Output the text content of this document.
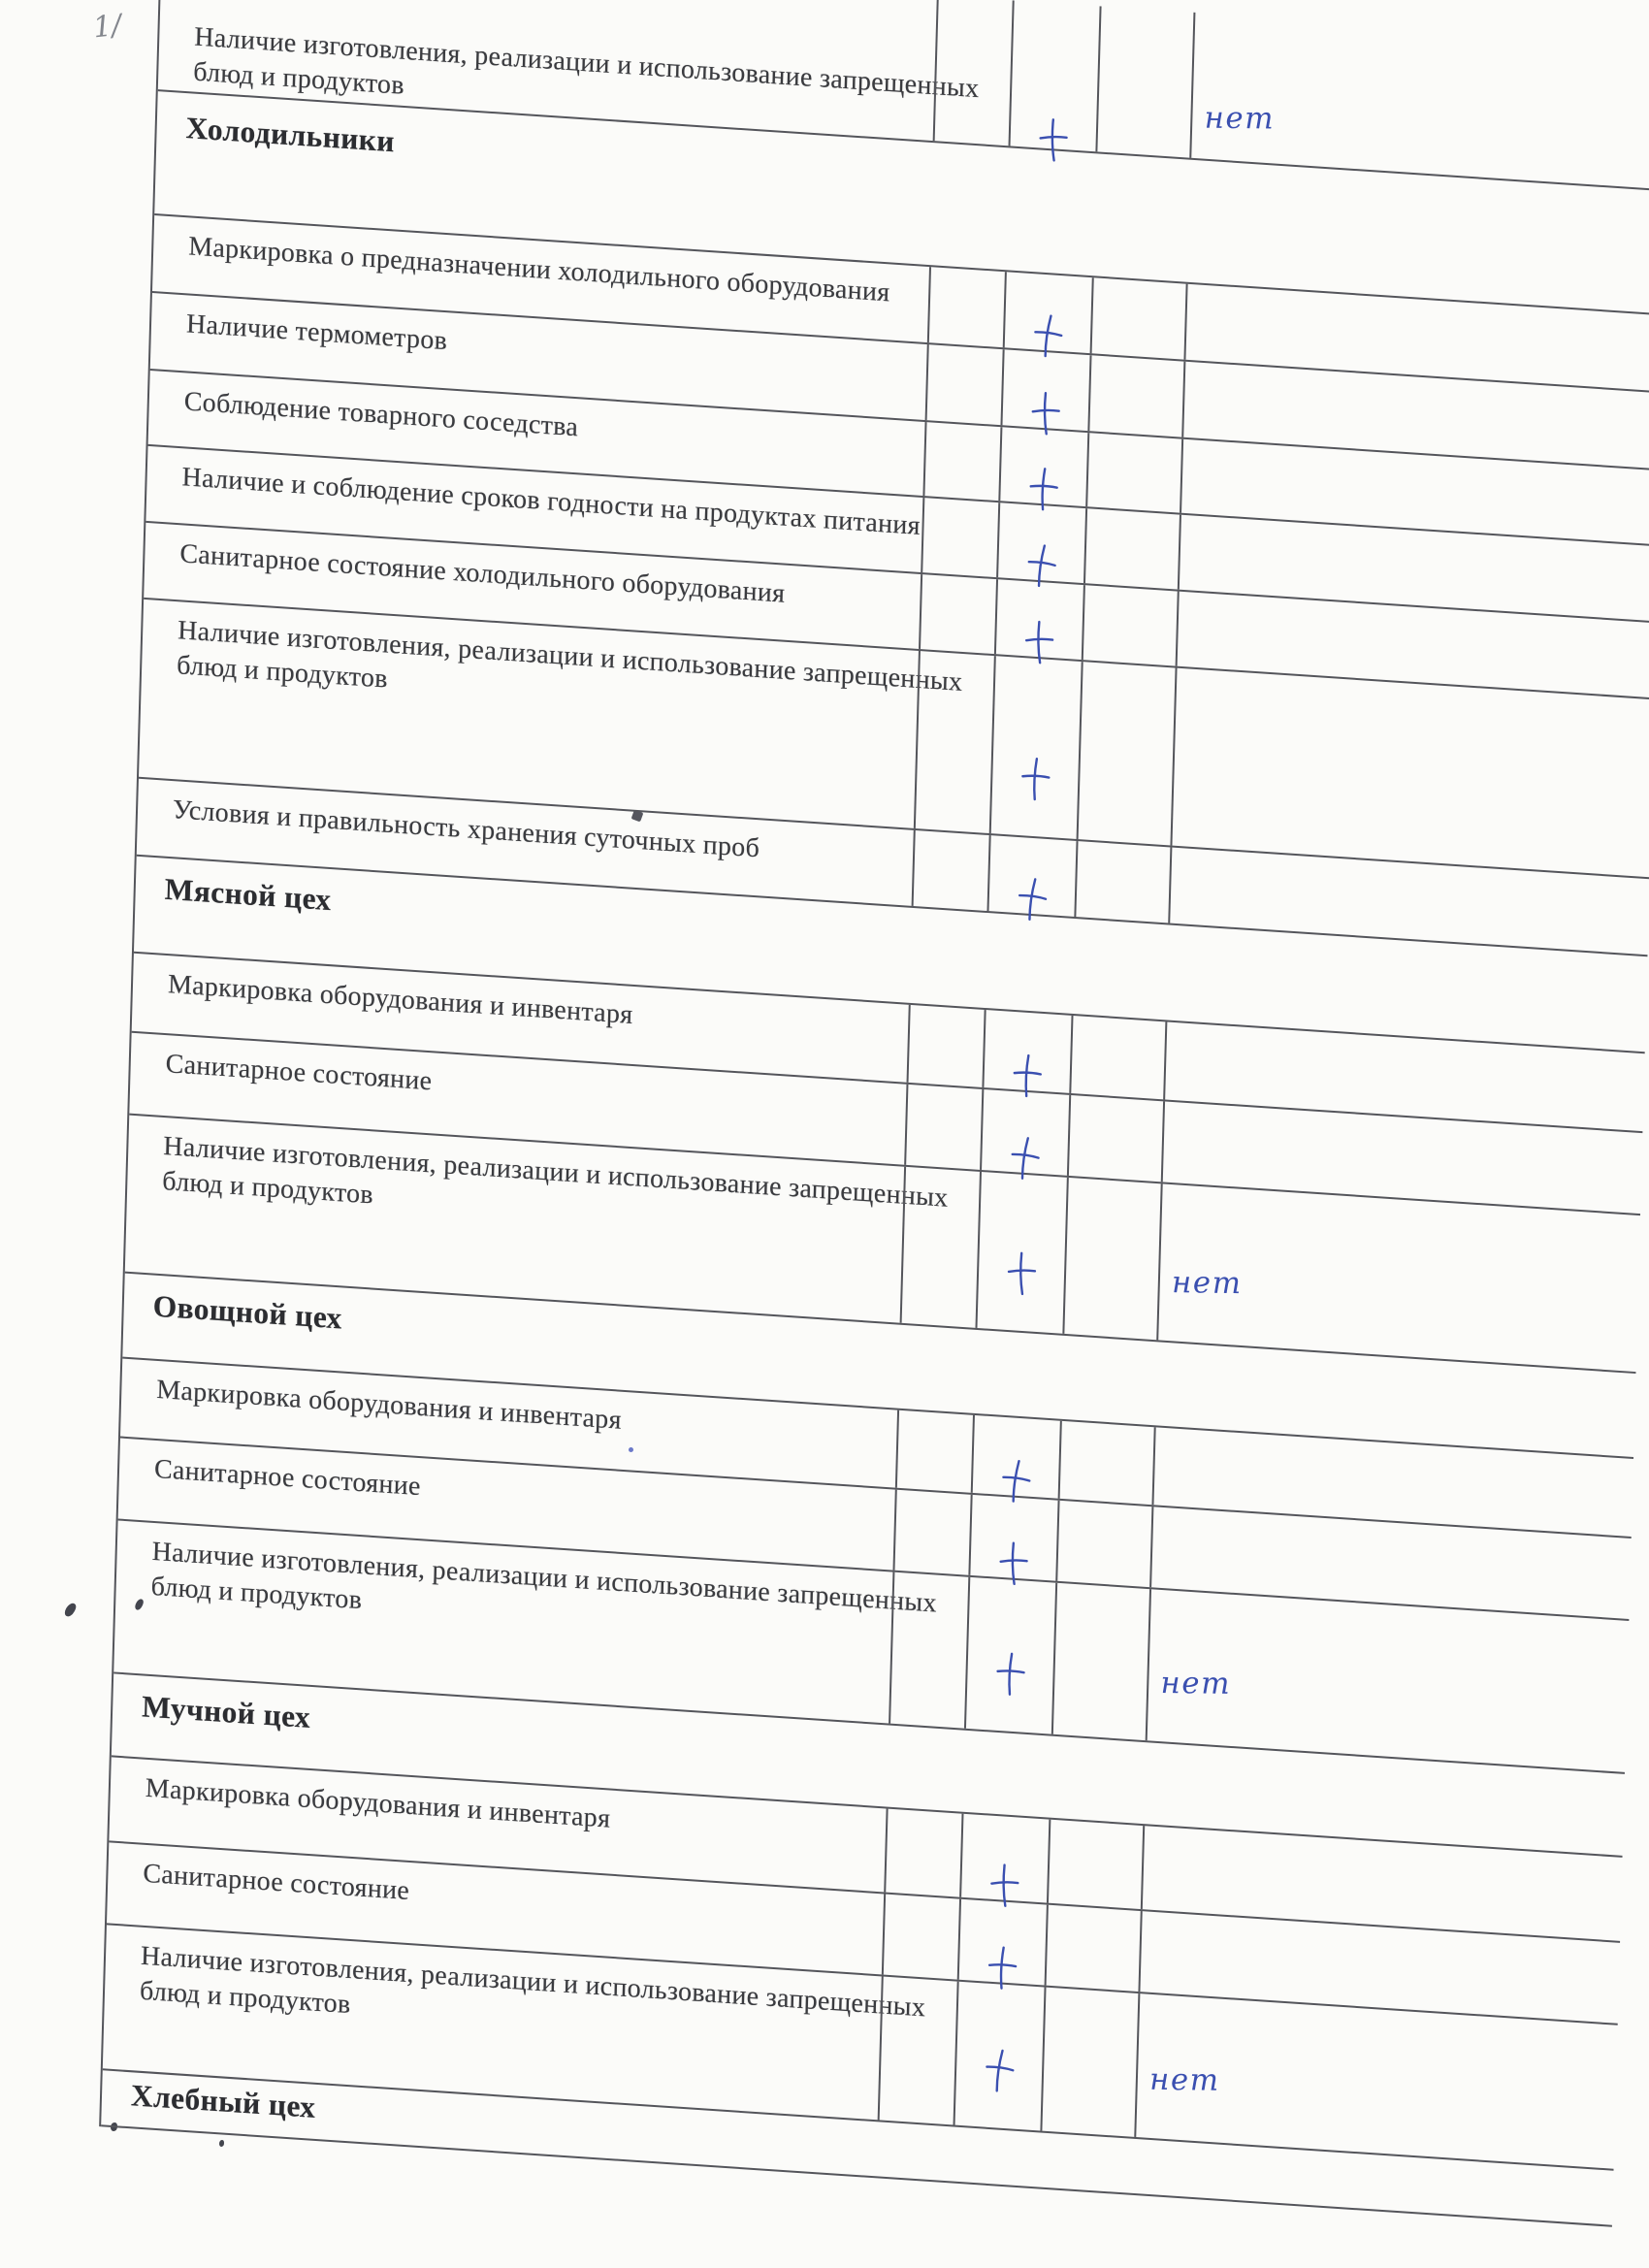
1/	Наличие изготовления, реализации и использование запрещенных
блюд и продуктов
нет
Холодильники
Маркировка о предназначении холодильного оборудования
Наличие термометров
Соблюдение товарного соседства
Наличие и соблюдение сроков годности на продуктах питания
Санитарное состояние холодильного оборудования
Наличие изготовления, реализации и использование запрещенных
блюд и продуктов
Условия и правильность хранения суточных проб
Мясной цех
Маркировка оборудования и инвентаря
Санитарное состояние
Наличие изготовления, реализации и использование запрещенных
блюд и продуктов
нет
Овощной цех
Маркировка оборудования и инвентаря
Санитарное состояние
Наличие изготовления, реализации и использование запрещенных
блюд и продуктов
нет
Мучной цех
Маркировка оборудования и инвентаря
Санитарное состояние
Наличие изготовления, реализации и использование запрещенных
блюд и продуктов
нет
Хлебный цех
